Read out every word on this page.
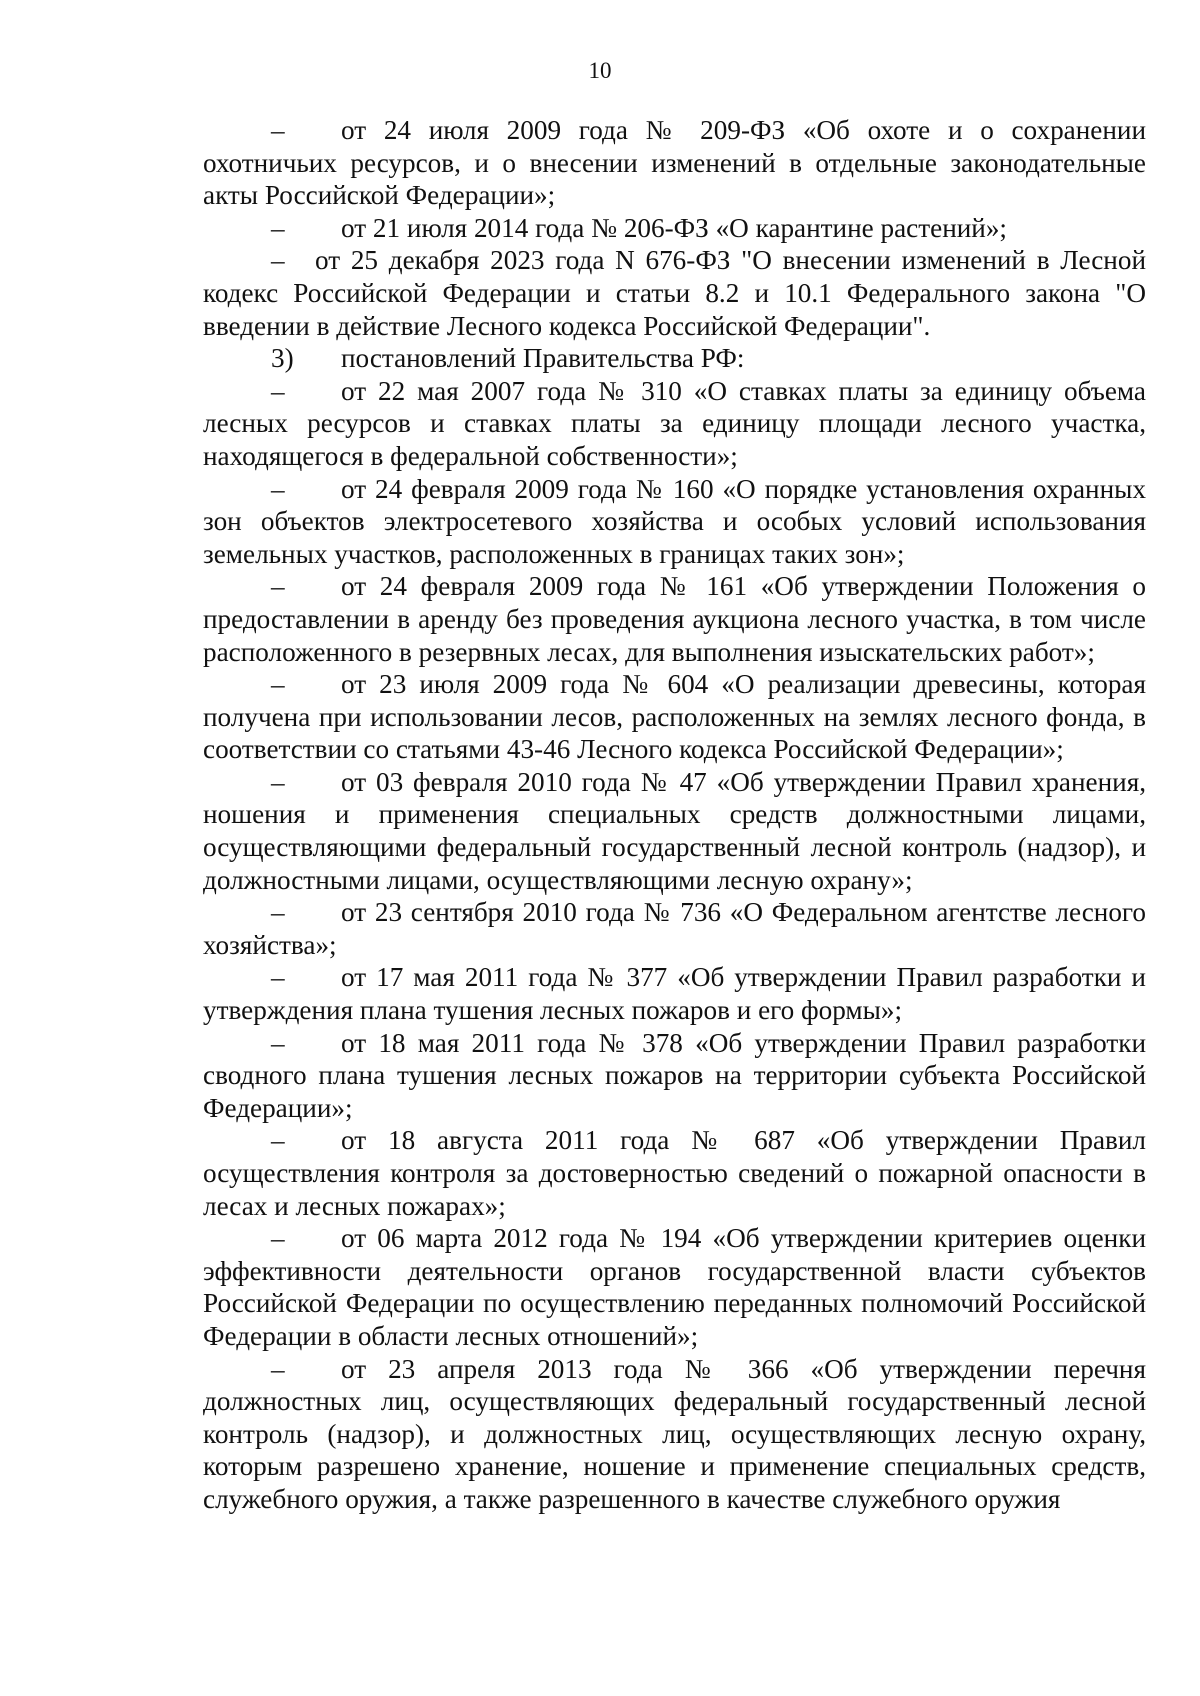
10

– от 24 июля 2009 года № 209-ФЗ «Об охоте и о сохранении охотничьих ресурсов, и о внесении изменений в отдельные законодательные акты Российской Федерации»;

– от 21 июля 2014 года № 206-ФЗ «О карантине растений»;

– от 25 декабря 2023 года N 676-ФЗ "О внесении изменений в Лесной кодекс Российской Федерации и статьи 8.2 и 10.1 Федерального закона "О введении в действие Лесного кодекса Российской Федерации".

3) постановлений Правительства РФ:

– от 22 мая 2007 года № 310 «О ставках платы за единицу объема лесных ресурсов и ставках платы за единицу площади лесного участка, находящегося в федеральной собственности»;

– от 24 февраля 2009 года № 160 «О порядке установления охранных зон объектов электросетевого хозяйства и особых условий использования земельных участков, расположенных в границах таких зон»;

– от 24 февраля 2009 года № 161 «Об утверждении Положения о предоставлении в аренду без проведения аукциона лесного участка, в том числе расположенного в резервных лесах, для выполнения изыскательских работ»;

– от 23 июля 2009 года № 604 «О реализации древесины, которая получена при использовании лесов, расположенных на землях лесного фонда, в соответствии со статьями 43-46 Лесного кодекса Российской Федерации»;

– от 03 февраля 2010 года № 47 «Об утверждении Правил хранения, ношения и применения специальных средств должностными лицами, осуществляющими федеральный государственный лесной контроль (надзор), и должностными лицами, осуществляющими лесную охрану»;

– от 23 сентября 2010 года № 736 «О Федеральном агентстве лесного хозяйства»;

– от 17 мая 2011 года № 377 «Об утверждении Правил разработки и утверждения плана тушения лесных пожаров и его формы»;

– от 18 мая 2011 года № 378 «Об утверждении Правил разработки сводного плана тушения лесных пожаров на территории субъекта Российской Федерации»;

– от 18 августа 2011 года № 687 «Об утверждении Правил осуществления контроля за достоверностью сведений о пожарной опасности в лесах и лесных пожарах»;

– от 06 марта 2012 года № 194 «Об утверждении критериев оценки эффективности деятельности органов государственной власти субъектов Российской Федерации по осуществлению переданных полномочий Российской Федерации в области лесных отношений»;

– от 23 апреля 2013 года № 366 «Об утверждении перечня должностных лиц, осуществляющих федеральный государственный лесной контроль (надзор), и должностных лиц, осуществляющих лесную охрану, которым разрешено хранение, ношение и применение специальных средств, служебного оружия, а также разрешенного в качестве служебного оружия
